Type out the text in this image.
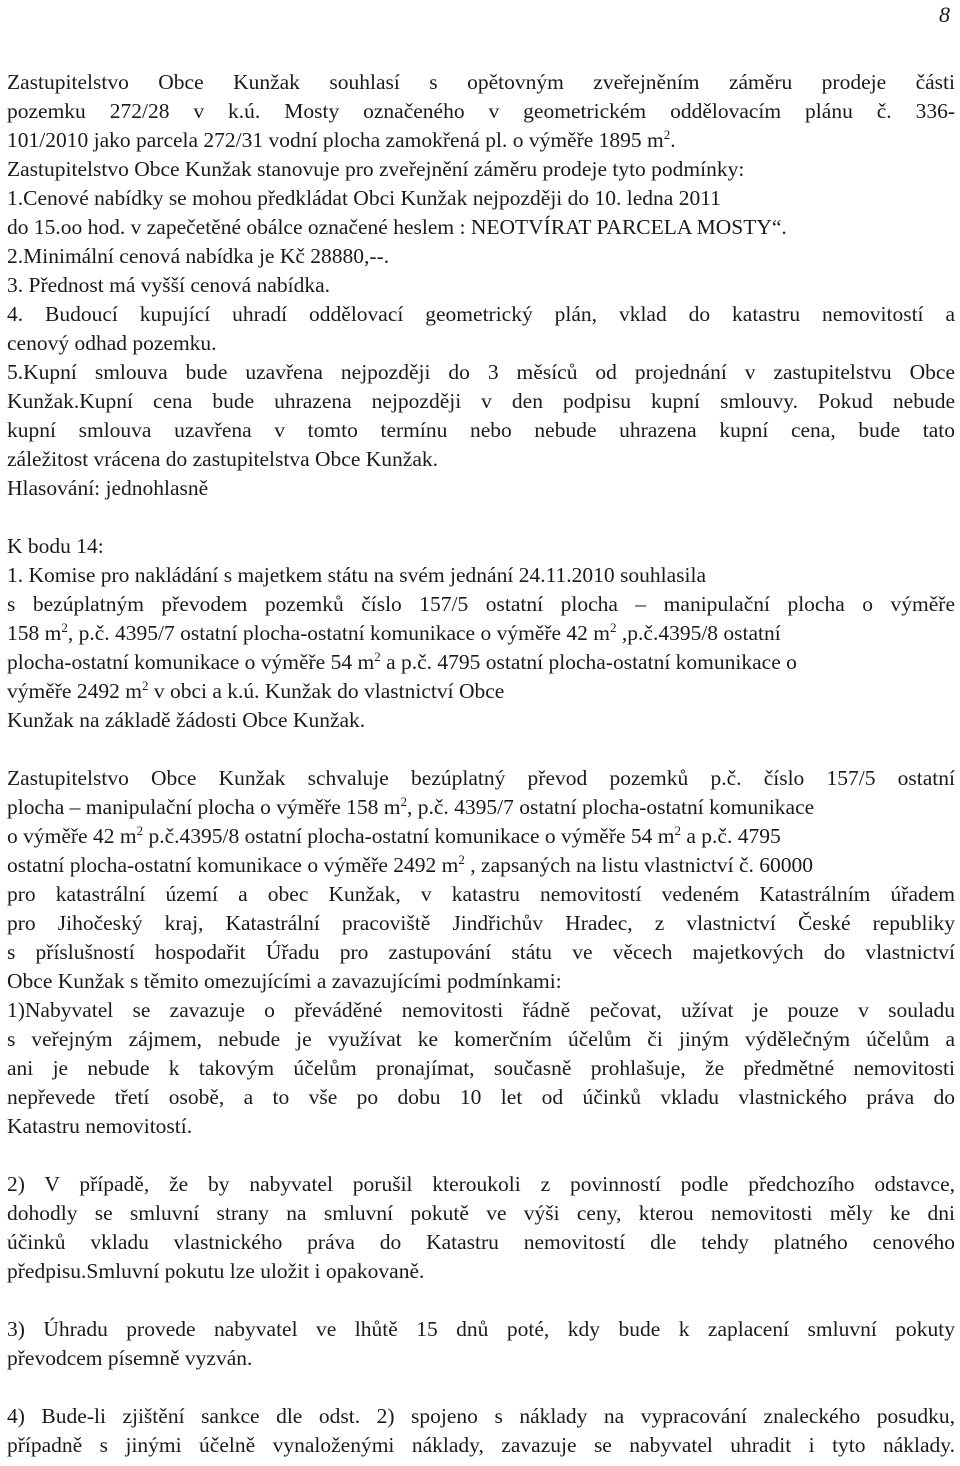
8
Zastupitelstvo Obce Kunžak souhlasí s opětovným zveřejněním záměru prodeje části
pozemku 272/28 v k.ú. Mosty označeného v geometrickém oddělovacím plánu č. 336-
101/2010 jako parcela 272/31 vodní plocha zamokřená pl. o výměře 1895 $m^2$.
Zastupitelstvo Obce Kunžak stanovuje pro zveřejnění záměru prodeje tyto podmínky:
1.Cenové nabídky se mohou předkládat Obci Kunžak nejpozději do 10. ledna 2011
do 15.oo hod. v zapečetěné obálce označené heslem : NEOTVÍRAT PARCELA MOSTY“.
2.Minimální cenová nabídka je Kč 28880,--.
3. Přednost má vyšší cenová nabídka.
4. Budoucí kupující uhradí oddělovací geometrický plán, vklad do katastru nemovitostí a
cenový odhad pozemku.
5.Kupní smlouva bude uzavřena nejpozději do 3 měsíců od projednání v zastupitelstvu Obce
Kunžak.Kupní cena bude uhrazena nejpozději v den podpisu kupní smlouvy. Pokud nebude
kupní smlouva uzavřena v tomto termínu nebo nebude uhrazena kupní cena, bude tato
záležitost vrácena do zastupitelstva Obce Kunžak.
Hlasování: jednohlasně
K bodu 14:
1. Komise pro nakládání s majetkem státu na svém jednání 24.11.2010 souhlasila
s bezúplatným převodem pozemků číslo 157/5 ostatní plocha – manipulační plocha o výměře
158 $m^2$, p.č. 4395/7 ostatní plocha-ostatní komunikace o výměře 42 $m^2$ ,p.č.4395/8 ostatní
plocha-ostatní komunikace o výměře 54 $m^2$ a p.č. 4795 ostatní plocha-ostatní komunikace o
výměře 2492 $m^2$ v obci a k.ú. Kunžak do vlastnictví Obce
Kunžak na základě žádosti Obce Kunžak.
Zastupitelstvo Obce Kunžak schvaluje bezúplatný převod pozemků p.č. číslo 157/5 ostatní
plocha – manipulační plocha o výměře 158 $m^2$, p.č. 4395/7 ostatní plocha-ostatní komunikace
o výměře 42 $m^2$ p.č.4395/8 ostatní plocha-ostatní komunikace o výměře 54 $m^2$ a p.č. 4795
ostatní plocha-ostatní komunikace o výměře 2492 $m^2$ , zapsaných na listu vlastnictví č. 60000
pro katastrální území a obec Kunžak, v katastru nemovitostí vedeném Katastrálním úřadem
pro Jihočeský kraj, Katastrální pracoviště Jindřichův Hradec, z vlastnictví České republiky
s příslušností hospodařit Úřadu pro zastupování státu ve věcech majetkových do vlastnictví
Obce Kunžak s těmito omezujícími a zavazujícími podmínkami:
1)Nabyvatel se zavazuje o převáděné nemovitosti řádně pečovat, užívat je pouze v souladu
s veřejným zájmem, nebude je využívat ke komerčním účelům či jiným výdělečným účelům a
ani je nebude k takovým účelům pronajímat, současně prohlašuje, že předmětné nemovitosti
nepřevede třetí osobě, a to vše po dobu 10 let od účinků vkladu vlastnického práva do
Katastru nemovitostí.
2) V případě, že by nabyvatel porušil kteroukoli z povinností podle předchozího odstavce,
dohodly se smluvní strany na smluvní pokutě ve výši ceny, kterou nemovitosti měly ke dni
účinků vkladu vlastnického práva do Katastru nemovitostí dle tehdy platného cenového
předpisu.Smluvní pokutu lze uložit i opakovaně.
3) Úhradu provede nabyvatel ve lhůtě 15 dnů poté, kdy bude k zaplacení smluvní pokuty
převodcem písemně vyzván.
4) Bude-li zjištění sankce dle odst. 2) spojeno s náklady na vypracování znaleckého posudku,
případně s jinými účelně vynaloženými náklady, zavazuje se nabyvatel uhradit i tyto náklady.
